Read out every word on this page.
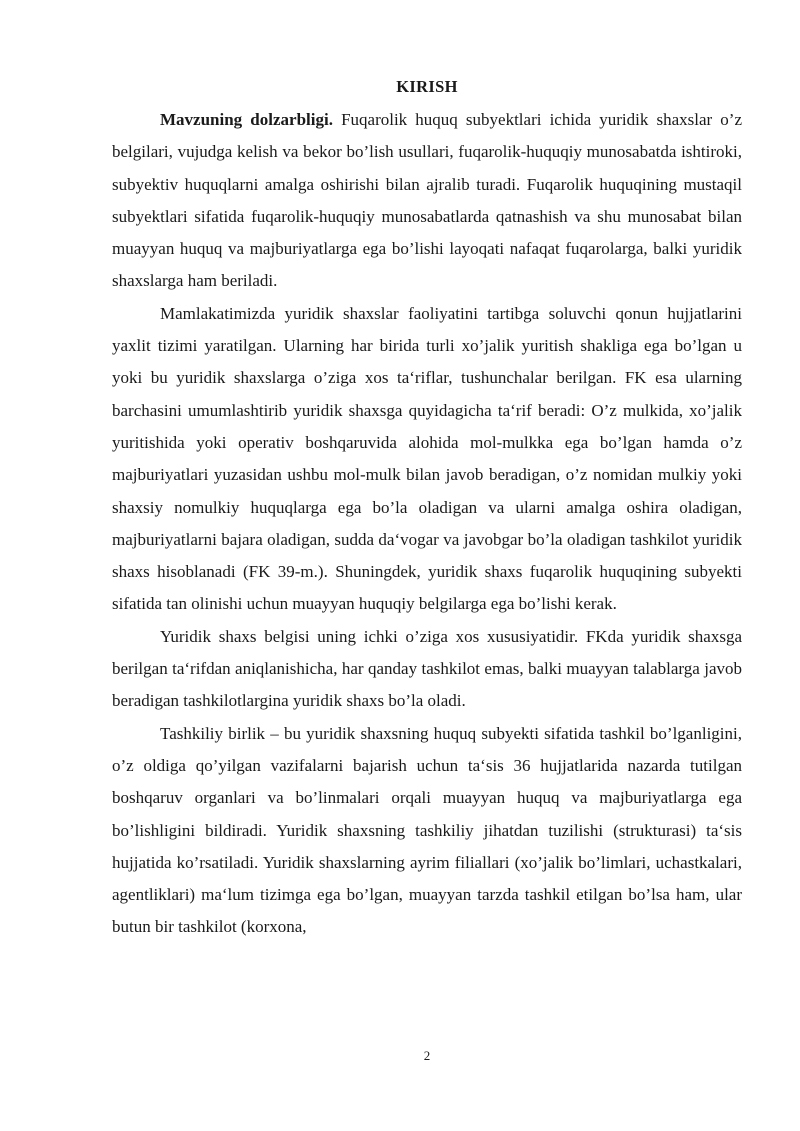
KIRISH

Mavzuning dolzarbligi. Fuqarolik huquq subyektlari ichida yuridik shaxslar o’z belgilari, vujudga kelish va bekor bo’lish usullari, fuqarolik-huquqiy munosabatda ishtiroki, subyektiv huquqlarni amalga oshirishi bilan ajralib turadi. Fuqarolik huquqining mustaqil subyektlari sifatida fuqarolik-huquqiy munosabatlarda qatnashish va shu munosabat bilan muayyan huquq va majburiyatlarga ega bo’lishi layoqati nafaqat fuqarolarga, balki yuridik shaxslarga ham beriladi.

Mamlakatimizda yuridik shaxslar faoliyatini tartibga soluvchi qonun hujjatlarini yaxlit tizimi yaratilgan. Ularning har birida turli xo’jalik yuritish shakliga ega bo’lgan u yoki bu yuridik shaxslarga o’ziga xos ta‘riflar, tushunchalar berilgan. FK esa ularning barchasini umumlashtirib yuridik shaxsga quyidagicha ta‘rif beradi: O’z mulkida, xo’jalik yuritishida yoki operativ boshqaruvida alohida mol-mulkka ega bo’lgan hamda o’z majburiyatlari yuzasidan ushbu mol-mulk bilan javob beradigan, o’z nomidan mulkiy yoki shaxsiy nomulkiy huquqlarga ega bo’la oladigan va ularni amalga oshira oladigan, majburiyatlarni bajara oladigan, sudda da‘vogar va javobgar bo’la oladigan tashkilot yuridik shaxs hisoblanadi (FK 39-m.). Shuningdek, yuridik shaxs fuqarolik huquqining subyekti sifatida tan olinishi uchun muayyan huquqiy belgilarga ega bo’lishi kerak.

Yuridik shaxs belgisi uning ichki o’ziga xos xususiyatidir. FKda yuridik shaxsga berilgan ta‘rifdan aniqlanishicha, har qanday tashkilot emas, balki muayyan talablarga javob beradigan tashkilotlargina yuridik shaxs bo’la oladi.

Tashkiliy birlik – bu yuridik shaxsning huquq subyekti sifatida tashkil bo’lganligini, o’z oldiga qo’yilgan vazifalarni bajarish uchun ta‘sis 36 hujjatlarida nazarda tutilgan boshqaruv organlari va bo’linmalari orqali muayyan huquq va majburiyatlarga ega bo’lishligini bildiradi. Yuridik shaxsning tashkiliy jihatdan tuzilishi (strukturasi) ta‘sis hujjatida ko’rsatiladi. Yuridik shaxslarning ayrim filiallari (xo’jalik bo’limlari, uchastkalari, agentliklari) ma‘lum tizimga ega bo’lgan, muayyan tarzda tashkil etilgan bo’lsa ham, ular butun bir tashkilot (korxona,

2
